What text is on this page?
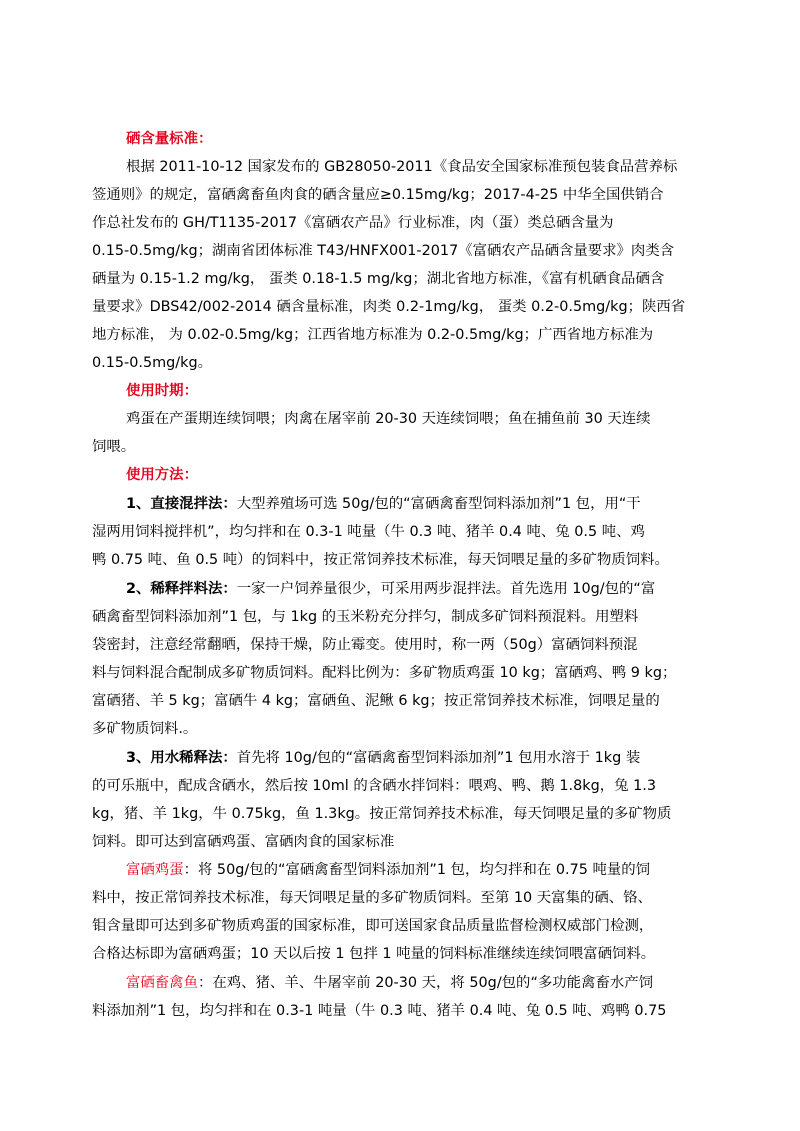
硒含量标准：
根据 2011-10-12 国家发布的 GB28050-2011《食品安全国家标准预包装食品营养标
签通则》的规定，富硒禽畜鱼肉食的硒含量应≥0.15mg/kg；2017-4-25 中华全国供销合
作总社发布的 GH/T1135-2017《富硒农产品》行业标准，肉（蛋）类总硒含量为
0.15-0.5mg/kg；湖南省团体标准 T43/HNFX001-2017《富硒农产品硒含量要求》肉类含
硒量为 0.15-1.2 mg/kg， 蛋类 0.18-1.5 mg/kg；湖北省地方标准，《富有机硒食品硒含
量要求》DBS42/002-2014 硒含量标准，肉类 0.2-1mg/kg， 蛋类 0.2-0.5mg/kg；陕西省
地方标准， 为 0.02-0.5mg/kg；江西省地方标准为 0.2-0.5mg/kg；广西省地方标准为
0.15-0.5mg/kg。
使用时期：
鸡蛋在产蛋期连续饲喂；肉禽在屠宰前 20-30 天连续饲喂；鱼在捕鱼前 30 天连续
饲喂。
使用方法：
1、直接混拌法：大型养殖场可选 50g/包的“富硒禽畜型饲料添加剂”1 包，用“干
湿两用饲料搅拌机”，均匀拌和在 0.3-1 吨量（牛 0.3 吨、猪羊 0.4 吨、兔 0.5 吨、鸡
鸭 0.75 吨、鱼 0.5 吨）的饲料中，按正常饲养技术标准，每天饲喂足量的多矿物质饲料。
2、稀释拌料法：一家一户饲养量很少，可采用两步混拌法。首先选用 10g/包的“富
硒禽畜型饲料添加剂”1 包，与 1kg 的玉米粉充分拌匀，制成多矿饲料预混料。用塑料
袋密封，注意经常翻晒，保持干燥，防止霉变。使用时，称一两（50g）富硒饲料预混
料与饲料混合配制成多矿物质饲料。配料比例为：多矿物质鸡蛋 10 kg；富硒鸡、鸭 9 kg；
富硒猪、羊 5 kg；富硒牛 4 kg；富硒鱼、泥鳅 6 kg；按正常饲养技术标准，饲喂足量的
多矿物质饲料.。
3、用水稀释法：首先将 10g/包的“富硒禽畜型饲料添加剂”1 包用水溶于 1kg 装
的可乐瓶中，配成含硒水，然后按 10ml 的含硒水拌饲料：喂鸡、鸭、鹅 1.8kg，兔 1.3
kg，猪、羊 1kg，牛 0.75kg，鱼 1.3kg。按正常饲养技术标准，每天饲喂足量的多矿物质
饲料。即可达到富硒鸡蛋、富硒肉食的国家标准
富硒鸡蛋：将 50g/包的“富硒禽畜型饲料添加剂”1 包，均匀拌和在 0.75 吨量的饲
料中，按正常饲养技术标准，每天饲喂足量的多矿物质饲料。至第 10 天富集的硒、铬、
钼含量即可达到多矿物质鸡蛋的国家标准，即可送国家食品质量监督检测权威部门检测，
合格达标即为富硒鸡蛋；10 天以后按 1 包拌 1 吨量的饲料标准继续连续饲喂富硒饲料。
富硒畜禽鱼：在鸡、猪、羊、牛屠宰前 20-30 天，将 50g/包的“多功能禽畜水产饲
料添加剂”1 包，均匀拌和在 0.3-1 吨量（牛 0.3 吨、猪羊 0.4 吨、兔 0.5 吨、鸡鸭 0.75
